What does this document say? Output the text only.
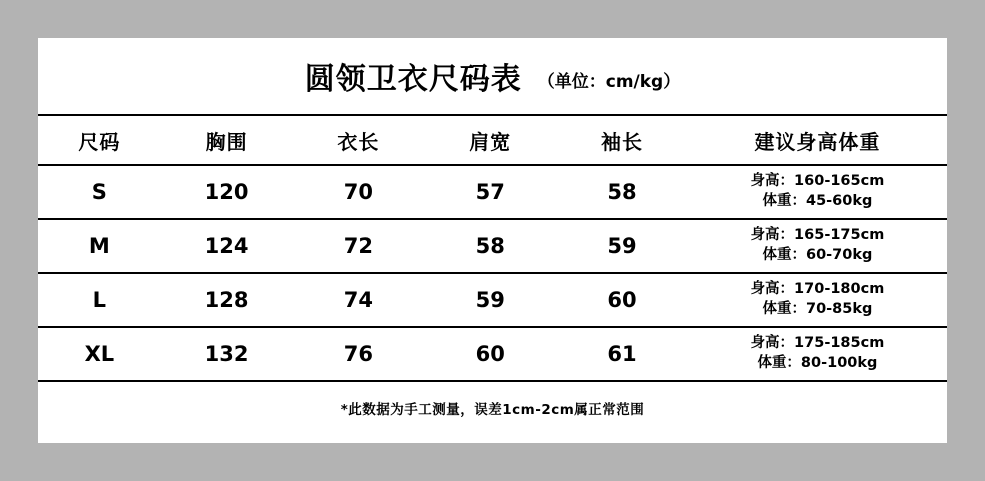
圆领卫衣尺码表 （单位：cm/kg）
尺码	胸围	衣长	肩宽	袖长	建议身高体重
S	120	70	57	58	身高：160-165cm
体重：45-60kg

M	124	72	58	59	身高：165-175cm
体重：60-70kg

L	128	74	59	60	身高：170-180cm
体重：70-85kg

XL	132	76	60	61	身高：175-185cm
体重：80-100kg
*此数据为手工测量，误差1cm-2cm属正常范围
